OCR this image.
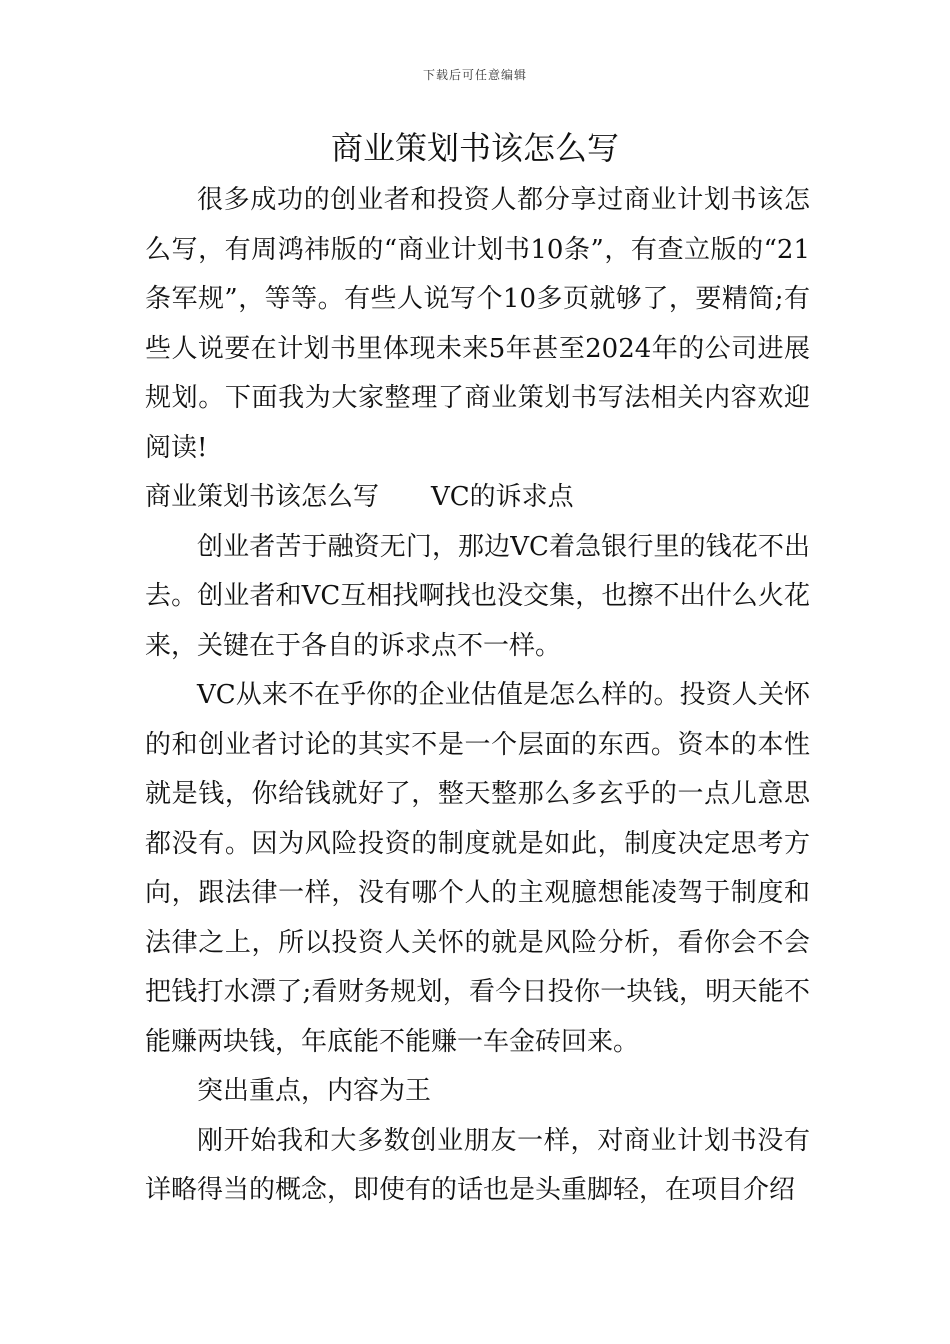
下载后可任意编辑
商业策划书该怎么写

很多成功的创业者和投资人都分享过商业计划书该怎么写，有周鸿祎版的“商业计划书10条”，有查立版的“21条军规”，等等。有些人说写个10多页就够了，要精简;有些人说要在计划书里体现未来5年甚至2024年的公司进展规划。下面我为大家整理了商业策划书写法相关内容欢迎阅读!

商业策划书该怎么写 VC的诉求点

创业者苦于融资无门，那边VC着急银行里的钱花不出去。创业者和VC互相找啊找也没交集，也擦不出什么火花来，关键在于各自的诉求点不一样。

VC从来不在乎你的企业估值是怎么样的。投资人关怀的和创业者讨论的其实不是一个层面的东西。资本的本性就是钱，你给钱就好了，整天整那么多玄乎的一点儿意思都没有。因为风险投资的制度就是如此，制度决定思考方向，跟法律一样，没有哪个人的主观臆想能凌驾于制度和法律之上，所以投资人关怀的就是风险分析，看你会不会把钱打水漂了;看财务规划，看今日投你一块钱，明天能不能赚两块钱，年底能不能赚一车金砖回来。

突出重点，内容为王

刚开始我和大多数创业朋友一样，对商业计划书没有详略得当的概念，即使有的话也是头重脚轻，在项目介绍
